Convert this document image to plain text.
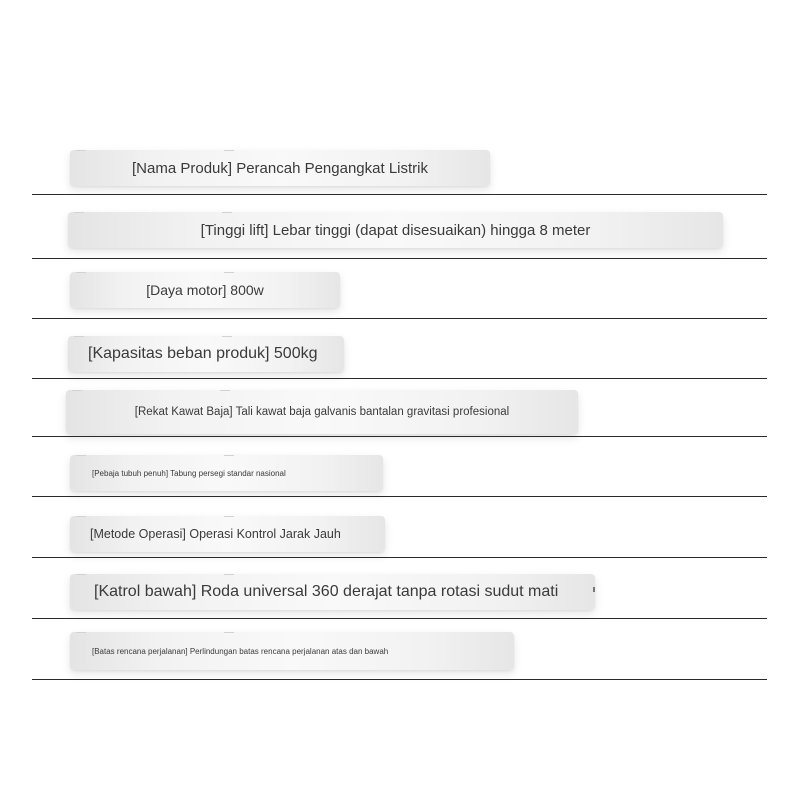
[Nama Produk] Perancah Pengangkat Listrik
[Tinggi lift] Lebar tinggi (dapat disesuaikan) hingga 8 meter
[Daya motor] 800w
[Kapasitas beban produk] 500kg
[Rekat Kawat Baja] Tali kawat baja galvanis bantalan gravitasi profesional
[Pebaja tubuh penuh] Tabung persegi standar nasional
[Metode Operasi] Operasi Kontrol Jarak Jauh
[Katrol bawah] Roda universal 360 derajat tanpa rotasi sudut mati
[Batas rencana perjalanan] Perlindungan batas rencana perjalanan atas dan bawah
